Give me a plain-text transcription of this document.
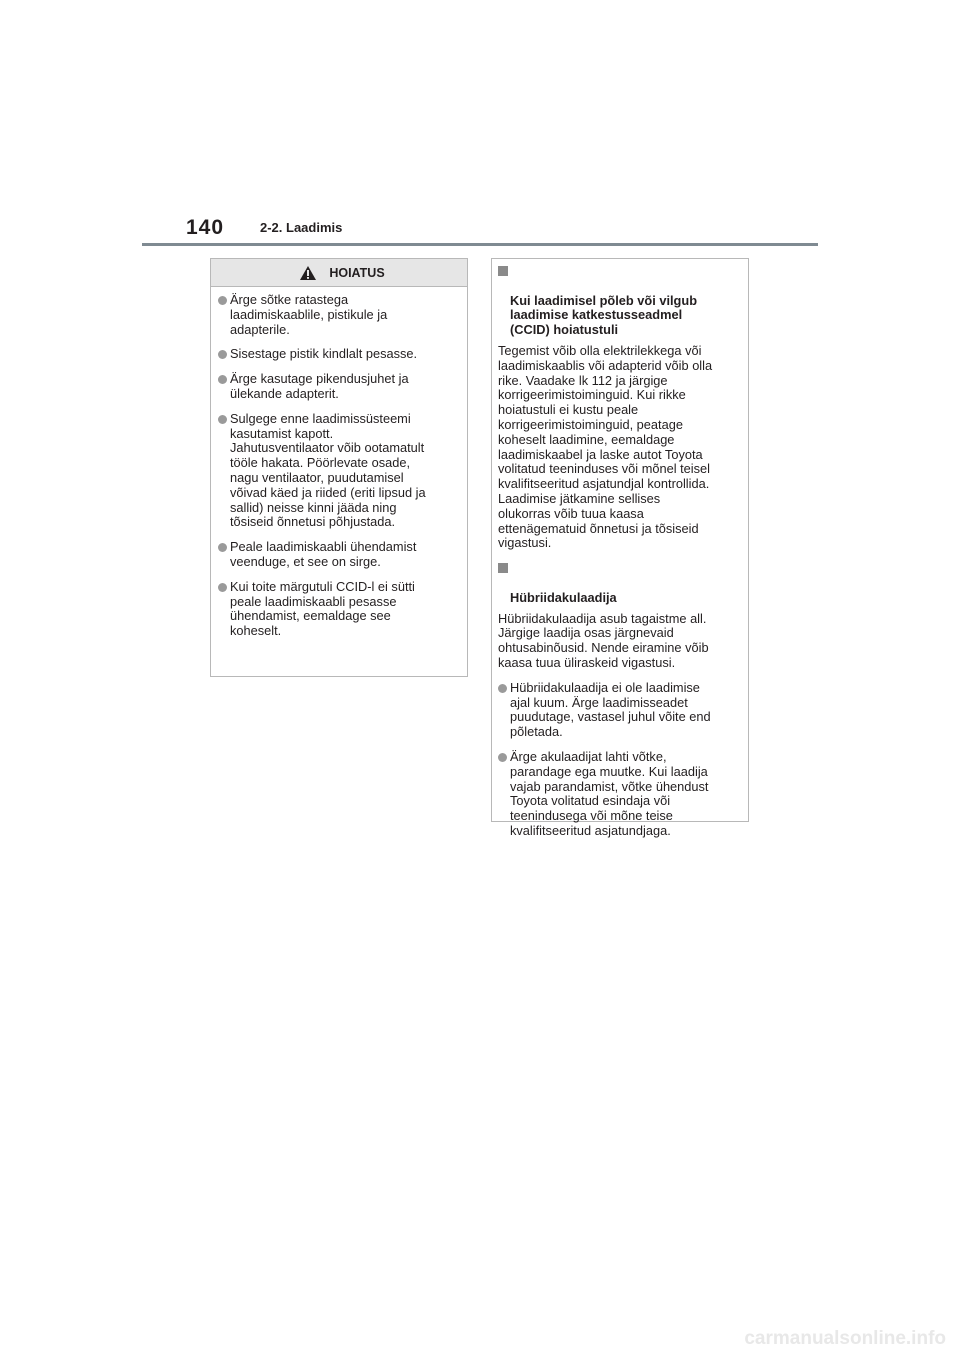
140	2-2. Laadimis
HOIATUS
Ärge sõtke ratastega
laadimiskaablile, pistikule ja
adapterile.
Sisestage pistik kindlalt pesasse.
Ärge kasutage pikendusjuhet ja
ülekande adapterit.
Sulgege enne laadimissüsteemi
kasutamist kapott.
Jahutusventilaator võib ootamatult
tööle hakata. Pöörlevate osade,
nagu ventilaator, puudutamisel
võivad käed ja riided (eriti lipsud ja
sallid) neisse kinni jääda ning
tõsiseid õnnetusi põhjustada.
Peale laadimiskaabli ühendamist
veenduge, et see on sirge.
Kui toite märgutuli CCID-l ei sütti
peale laadimiskaabli pesasse
ühendamist, eemaldage see
koheselt.

Kui laadimisel põleb või vilgub
laadimise katkestusseadmel
(CCID) hoiatustuli

Tegemist võib olla elektrilekkega või
laadimiskaablis või adapterid võib olla
rike. Vaadake lk 112 ja järgige
korrigeerimistoiminguid. Kui rikke
hoiatustuli ei kustu peale
korrigeerimistoiminguid, peatage
koheselt laadimine, eemaldage
laadimiskaabel ja laske autot Toyota
volitatud teeninduses või mõnel teisel
kvalifitseeritud asjatundjal kontrollida.
Laadimise jätkamine sellises
olukorras võib tuua kaasa
ettenägematuid õnnetusi ja tõsiseid
vigastusi.

Hübriidakulaadija

Hübriidakulaadija asub tagaistme all.
Järgige laadija osas järgnevaid
ohtusabinõusid. Nende eiramine võib
kaasa tuua üliraskeid vigastusi.
Hübriidakulaadija ei ole laadimise
ajal kuum. Ärge laadimisseadet
puudutage, vastasel juhul võite end
põletada.
Ärge akulaadijat lahti võtke,
parandage ega muutke. Kui laadija
vajab parandamist, võtke ühendust
Toyota volitatud esindaja või
teenindusega või mõne teise
kvalifitseeritud asjatundjaga.
carmanualsonline.info
